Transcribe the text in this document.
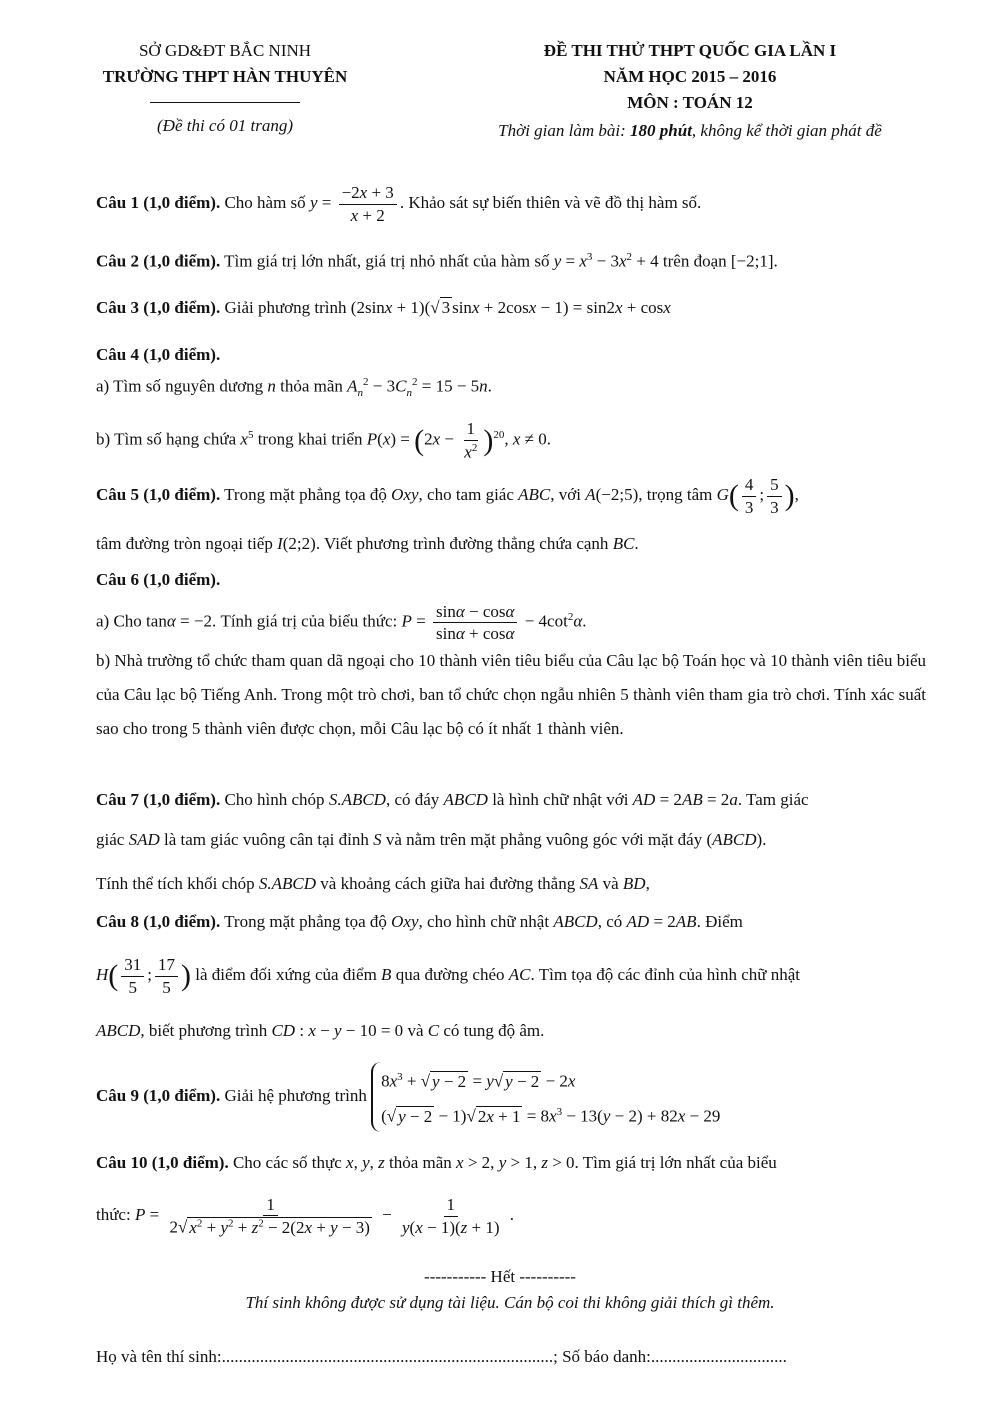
SỞ GD&ĐT BẮC NINH
TRƯỜNG THPT HÀN THUYÊN
(Đề thi có 01 trang)
ĐỀ THI THỬ THPT QUỐC GIA LẦN I
NĂM HỌC 2015 – 2016
MÔN : TOÁN 12
Thời gian làm bài: 180 phút, không kể thời gian phát đề
Câu 1 (1,0 điểm). Cho hàm số $y = \frac{-2x + 3}{x + 2}$ . Khảo sát sự biến thiên và vẽ đồ thị hàm số.
Câu 2 (1,0 điểm). Tìm giá trị lớn nhất, giá trị nhỏ nhất của hàm số $y = x^3 - 3x^2 + 4$ trên đoạn [−2;1].
Câu 3 (1,0 điểm). Giải phương trình (2sinx + 1)(√ 3 sinx + 2cosx − 1) = sin2x + cosx
Câu 4 (1,0 điểm).
a) Tìm số nguyên dương n thỏa mãn $A_n^2 - 3C_n^2 = 15 - 5n$.
b) Tìm số hạng chứa $x^5$ trong khai triển $P(x) = (2x - \frac{1}{x^2} )^{20}$, x ≠ 0.
Câu 5 (1,0 điểm). Trong mặt phẳng tọa độ Oxy, cho tam giác ABC, với A(−2;5), trọng tâm $G( \frac{4}{3}$ ; $\frac{5}{3}$ ),
tâm đường tròn ngoại tiếp I(2;2). Viết phương trình đường thẳng chứa cạnh BC.
Câu 6 (1,0 điểm).
a) Cho tanα = −2. Tính giá trị của biểu thức: $P = \frac{\sin\alpha - \cos\alpha}{\sin\alpha + \cos\alpha} - 4\cot^2\alpha$.
b) Nhà trường tổ chức tham quan dã ngoại cho 10 thành viên tiêu biểu của Câu lạc bộ Toán học và 10 thành viên tiêu biểu của Câu lạc bộ Tiếng Anh. Trong một trò chơi, ban tổ chức chọn ngẫu nhiên 5 thành viên tham gia trò chơi. Tính xác suất sao cho trong 5 thành viên được chọn, mỗi Câu lạc bộ có ít nhất 1 thành viên.
Câu 7 (1,0 điểm). Cho hình chóp S.ABCD, có đáy ABCD là hình chữ nhật với AD = 2AB = 2a. Tam giác
giác SAD là tam giác vuông cân tại đỉnh S và nằm trên mặt phẳng vuông góc với mặt đáy (ABCD).
Tính thể tích khối chóp S.ABCD và khoảng cách giữa hai đường thẳng SA và BD,
Câu 8 (1,0 điểm). Trong mặt phẳng tọa độ Oxy, cho hình chữ nhật ABCD, có AD = 2AB. Điểm
$H( \frac{31}{5}$ ; $\frac{17}{5}$ ) là điểm đối xứng của điểm B qua đường chéo AC. Tìm tọa độ các đỉnh của hình chữ nhật
ABCD, biết phương trình CD : x − y − 10 = 0 và C có tung độ âm.
Câu 9 (1,0 điểm). Giải hệ phương trình $8x^3$ + √ y − 2 = y√ y − 2 − 2x
(√ y − 2 − 1)√ $2x + 1 = 8x^3 - 13(y - 2) + 82x - 29$
Câu 10 (1,0 điểm). Cho các số thực x, y, z thỏa mãn x > 2, y > 1, z > 0. Tìm giá trị lớn nhất của biểu
thức: $P = \frac{1}{2√ x^2 + y^2 + z^2 - 2(2x + y - 3)} - \frac{1}{y(x - 1)(z + 1)}$ .
----------- Hết ----------
Thí sinh không được sử dụng tài liệu. Cán bộ coi thi không giải thích gì thêm.
Họ và tên thí sinh:..............................................................................; Số báo danh:................................
